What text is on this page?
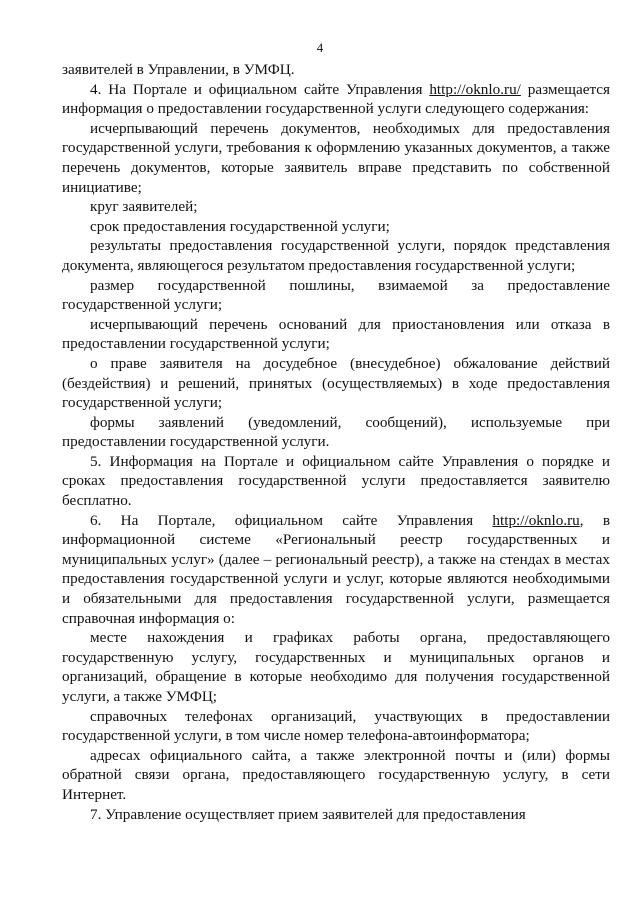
4

заявителей в Управлении, в УМФЦ.

4. На Портале и официальном сайте Управления http://oknlo.ru/ размещается информация о предоставлении государственной услуги следующего содержания:

исчерпывающий перечень документов, необходимых для предоставления государственной услуги, требования к оформлению указанных документов, а также перечень документов, которые заявитель вправе представить по собственной инициативе;

круг заявителей;

срок предоставления государственной услуги;

результаты предоставления государственной услуги, порядок представления документа, являющегося результатом предоставления государственной услуги;

размер государственной пошлины, взимаемой за предоставление государственной услуги;

исчерпывающий перечень оснований для приостановления или отказа в предоставлении государственной услуги;

о праве заявителя на досудебное (внесудебное) обжалование действий (бездействия) и решений, принятых (осуществляемых) в ходе предоставления государственной услуги;

формы заявлений (уведомлений, сообщений), используемые при предоставлении государственной услуги.

5. Информация на Портале и официальном сайте Управления о порядке и сроках предоставления государственной услуги предоставляется заявителю бесплатно.

6. На Портале, официальном сайте Управления http://oknlo.ru, в информационной системе «Региональный реестр государственных и муниципальных услуг» (далее – региональный реестр), а также на стендах в местах предоставления государственной услуги и услуг, которые являются необходимыми и обязательными для предоставления государственной услуги, размещается справочная информация о:

месте нахождения и графиках работы органа, предоставляющего государственную услугу, государственных и муниципальных органов и организаций, обращение в которые необходимо для получения государственной услуги, а также УМФЦ;

справочных телефонах организаций, участвующих в предоставлении государственной услуги, в том числе номер телефона-автоинформатора;

адресах официального сайта, а также электронной почты и (или) формы обратной связи органа, предоставляющего государственную услугу, в сети Интернет.

7. Управление осуществляет прием заявителей для предоставления
